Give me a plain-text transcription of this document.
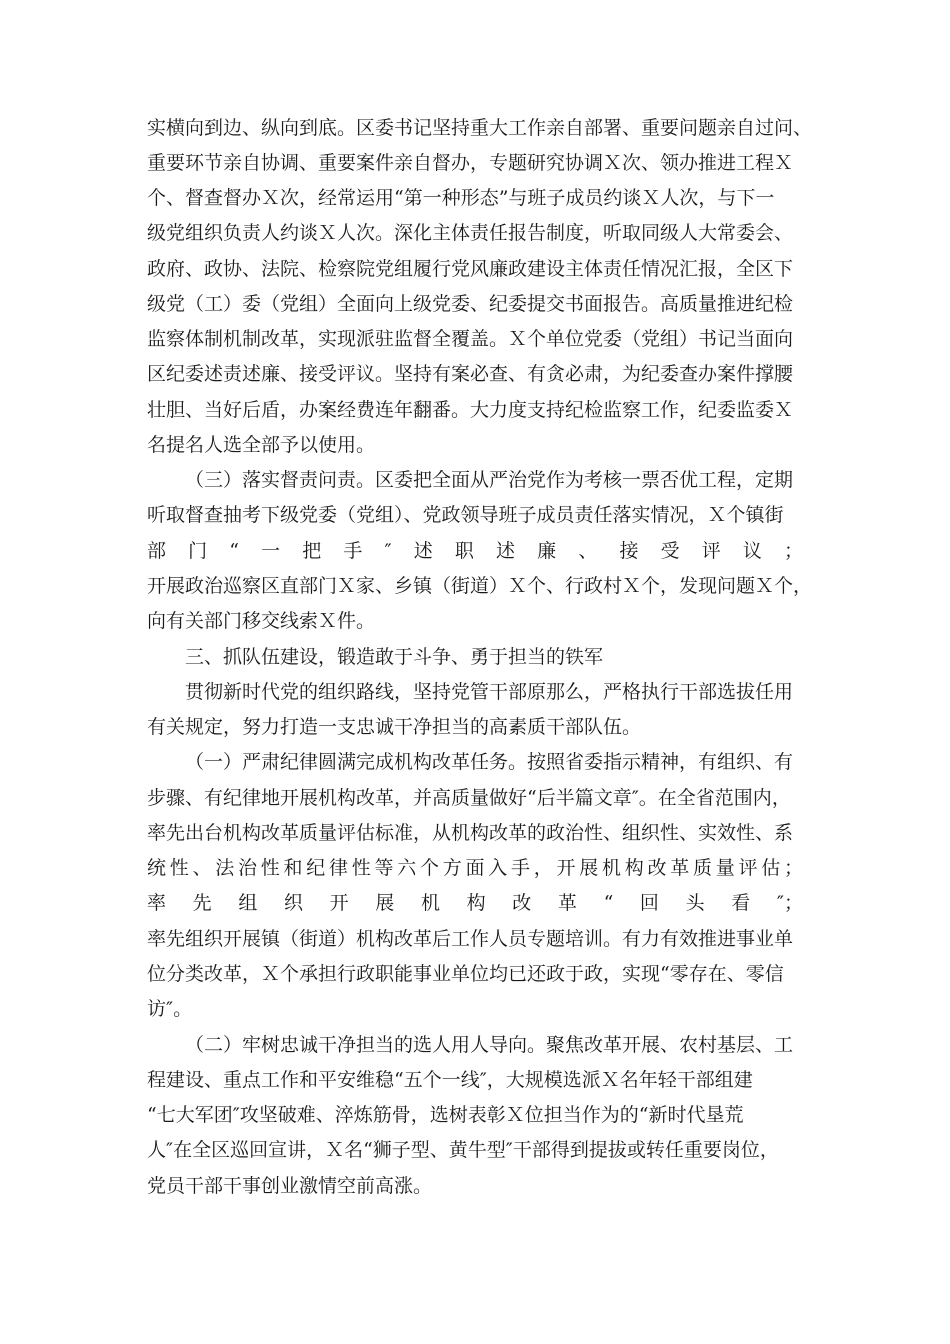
实横向到边、纵向到底。区委书记坚持重大工作亲自部署、重要问题亲自过问、
重要环节亲自协调、重要案件亲自督办，专题研究协调Ｘ次、领办推进工程Ｘ
个、督查督办Ｘ次，经常运用“第一种形态”与班子成员约谈Ｘ人次，与下一
级党组织负责人约谈Ｘ人次。深化主体责任报告制度，听取同级人大常委会、
政府、政协、法院、检察院党组履行党风廉政建设主体责任情况汇报，全区下
级党（工）委（党组）全面向上级党委、纪委提交书面报告。高质量推进纪检
监察体制机制改革，实现派驻监督全覆盖。Ｘ个单位党委（党组）书记当面向
区纪委述责述廉、接受评议。坚持有案必查、有贪必肃，为纪委查办案件撑腰
壮胆、当好后盾，办案经费连年翻番。大力度支持纪检监察工作，纪委监委Ｘ
名提名人选全部予以使用。
（三）落实督责问责。区委把全面从严治党作为考核一票否优工程，定期
听取督查抽考下级党委（党组）、党政领导班子成员责任落实情况，Ｘ个镇街
部门“一把手″述职述廉、接受评议；
开展政治巡察区直部门Ｘ家、乡镇（街道）Ｘ个、行政村Ｘ个，发现问题Ｘ个，
向有关部门移交线索Ｘ件。
三、抓队伍建设，锻造敢于斗争、勇于担当的铁军
贯彻新时代党的组织路线，坚持党管干部原那么，严格执行干部选拔任用
有关规定，努力打造一支忠诚干净担当的高素质干部队伍。
（一）严肃纪律圆满完成机构改革任务。按照省委指示精神，有组织、有
步骤、有纪律地开展机构改革，并高质量做好“后半篇文章″。在全省范围内，
率先出台机构改革质量评估标准，从机构改革的政治性、组织性、实效性、系
统性、法治性和纪律性等六个方面入手，开展机构改革质量评估；
率先组织开展机构改革“回头看″；
率先组织开展镇（街道）机构改革后工作人员专题培训。有力有效推进事业单
位分类改革，Ｘ个承担行政职能事业单位均已还政于政，实现“零存在、零信
访″。
（二）牢树忠诚干净担当的选人用人导向。聚焦改革开展、农村基层、工
程建设、重点工作和平安维稳“五个一线″，大规模选派Ｘ名年轻干部组建
“七大军团″攻坚破难、淬炼筋骨，选树表彰Ｘ位担当作为的“新时代垦荒
人″在全区巡回宣讲，Ｘ名“狮子型、黄牛型″干部得到提拔或转任重要岗位，
党员干部干事创业激情空前高涨。
